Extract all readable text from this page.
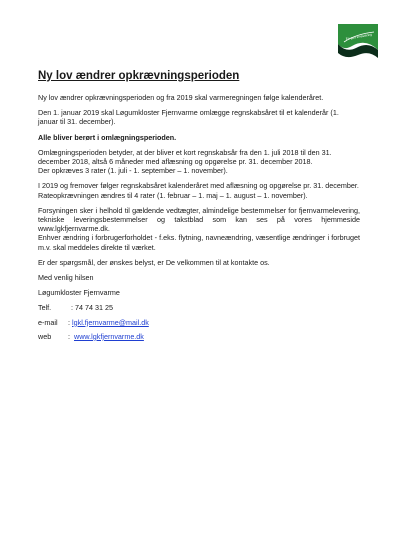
En god investering
Ny lov ændrer opkrævningsperioden

Ny lov ændrer opkrævningsperioden og fra 2019 skal varmeregningen følge kalenderåret.

Den 1. januar 2019 skal Løgumkloster Fjernvarme omlægge regnskabsåret til et kalenderår (1. januar til 31. december).

Alle bliver berørt i omlægningsperioden.

Omlægningsperioden betyder, at der bliver et kort regnskabsår fra den 1. juli 2018 til den 31. december 2018, altså 6 måneder med aflæsning og opgørelse pr. 31. december 2018.
Der opkræves 3 rater (1. juli - 1. september – 1. november).

I 2019 og fremover følger regnskabsåret kalenderåret med aflæsning og opgørelse pr. 31. december.
Rateopkrævningen ændres til 4 rater (1. februar – 1. maj – 1. august – 1. november).

Forsyningen sker i helhold til gældende vedtægter, almindelige bestemmelser for fjernvarmelevering, tekniske leveringsbestemmelser og takstblad som kan ses på vores hjemmeside www.lgkfjernvarme.dk.
Enhver ændring i forbrugerforholdet - f.eks. flytning, navneændring, væsentlige ændringer i forbruget m.v. skal meddeles direkte til værket.

Er der spørgsmål, der ønskes belyst, er De velkommen til at kontakte os.

Med venlig hilsen

Løgumkloster Fjernvarme

Telf.	: 74 74 31 25
e-mail : lgkl.fjernvarme@mail.dk
web : www.lgkfjernvarme.dk
